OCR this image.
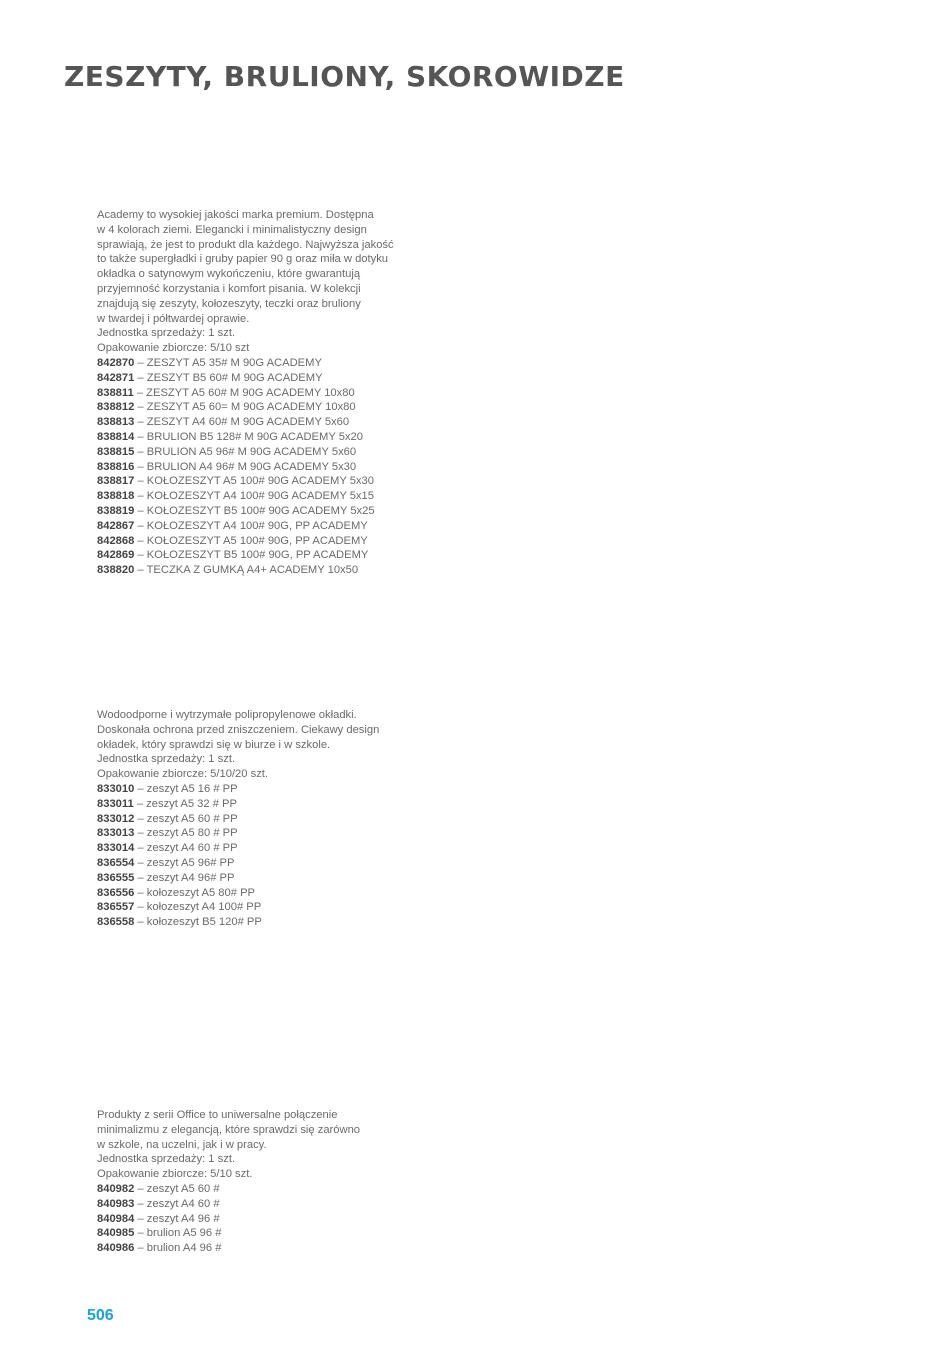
ZESZYTY, BRULIONY, SKOROWIDZE

Academy to wysokiej jakości marka premium. Dostępna
w 4 kolorach ziemi. Elegancki i minimalistyczny design
sprawiają, że jest to produkt dla każdego. Najwyższa jakość
to także supergładki i gruby papier 90 g oraz miła w dotyku
okładka o satynowym wykończeniu, które gwarantują
przyjemność korzystania i komfort pisania. W kolekcji
znajdują się zeszyty, kołozeszyty, teczki oraz bruliony
w twardej i półtwardej oprawie.

Jednostka sprzedaży: 1 szt.
Opakowanie zbiorcze: 5/10 szt
842870 – ZESZYT A5 35# M 90G ACADEMY
842871 – ZESZYT B5 60# M 90G ACADEMY
838811 – ZESZYT A5 60# M 90G ACADEMY 10x80
838812 – ZESZYT A5 60= M 90G ACADEMY 10x80
838813 – ZESZYT A4 60# M 90G ACADEMY 5x60
838814 – BRULION B5 128# M 90G ACADEMY 5x20
838815 – BRULION A5 96# M 90G ACADEMY 5x60
838816 – BRULION A4 96# M 90G ACADEMY 5x30
838817 – KOŁOZESZYT A5 100# 90G ACADEMY 5x30
838818 – KOŁOZESZYT A4 100# 90G ACADEMY 5x15
838819 – KOŁOZESZYT B5 100# 90G ACADEMY 5x25
842867 – KOŁOZESZYT A4 100# 90G, PP ACADEMY
842868 – KOŁOZESZYT A5 100# 90G, PP ACADEMY
842869 – KOŁOZESZYT B5 100# 90G, PP ACADEMY
838820 – TECZKA Z GUMKĄ A4+ ACADEMY 10x50

Wodoodporne i wytrzymałe polipropylenowe okładki.
Doskonała ochrona przed zniszczeniem. Ciekawy design
okładek, który sprawdzi się w biurze i w szkole.

Jednostka sprzedaży: 1 szt.
Opakowanie zbiorcze: 5/10/20 szt.
833010 – zeszyt A5 16 # PP
833011 – zeszyt A5 32 # PP
833012 – zeszyt A5 60 # PP
833013 – zeszyt A5 80 # PP
833014 – zeszyt A4 60 # PP
836554 – zeszyt A5 96# PP
836555 – zeszyt A4 96# PP
836556 – kołozeszyt A5 80# PP
836557 – kołozeszyt A4 100# PP
836558 – kołozeszyt B5 120# PP

Produkty z serii Office to uniwersalne połączenie
minimalizmu z elegancją, które sprawdzi się zarówno
w szkole, na uczelni, jak i w pracy.

Jednostka sprzedaży: 1 szt.
Opakowanie zbiorcze: 5/10 szt.
840982 – zeszyt A5 60 #
840983 – zeszyt A4 60 #
840984 – zeszyt A4 96 #
840985 – brulion A5 96 #
840986 – brulion A4 96 #
506
